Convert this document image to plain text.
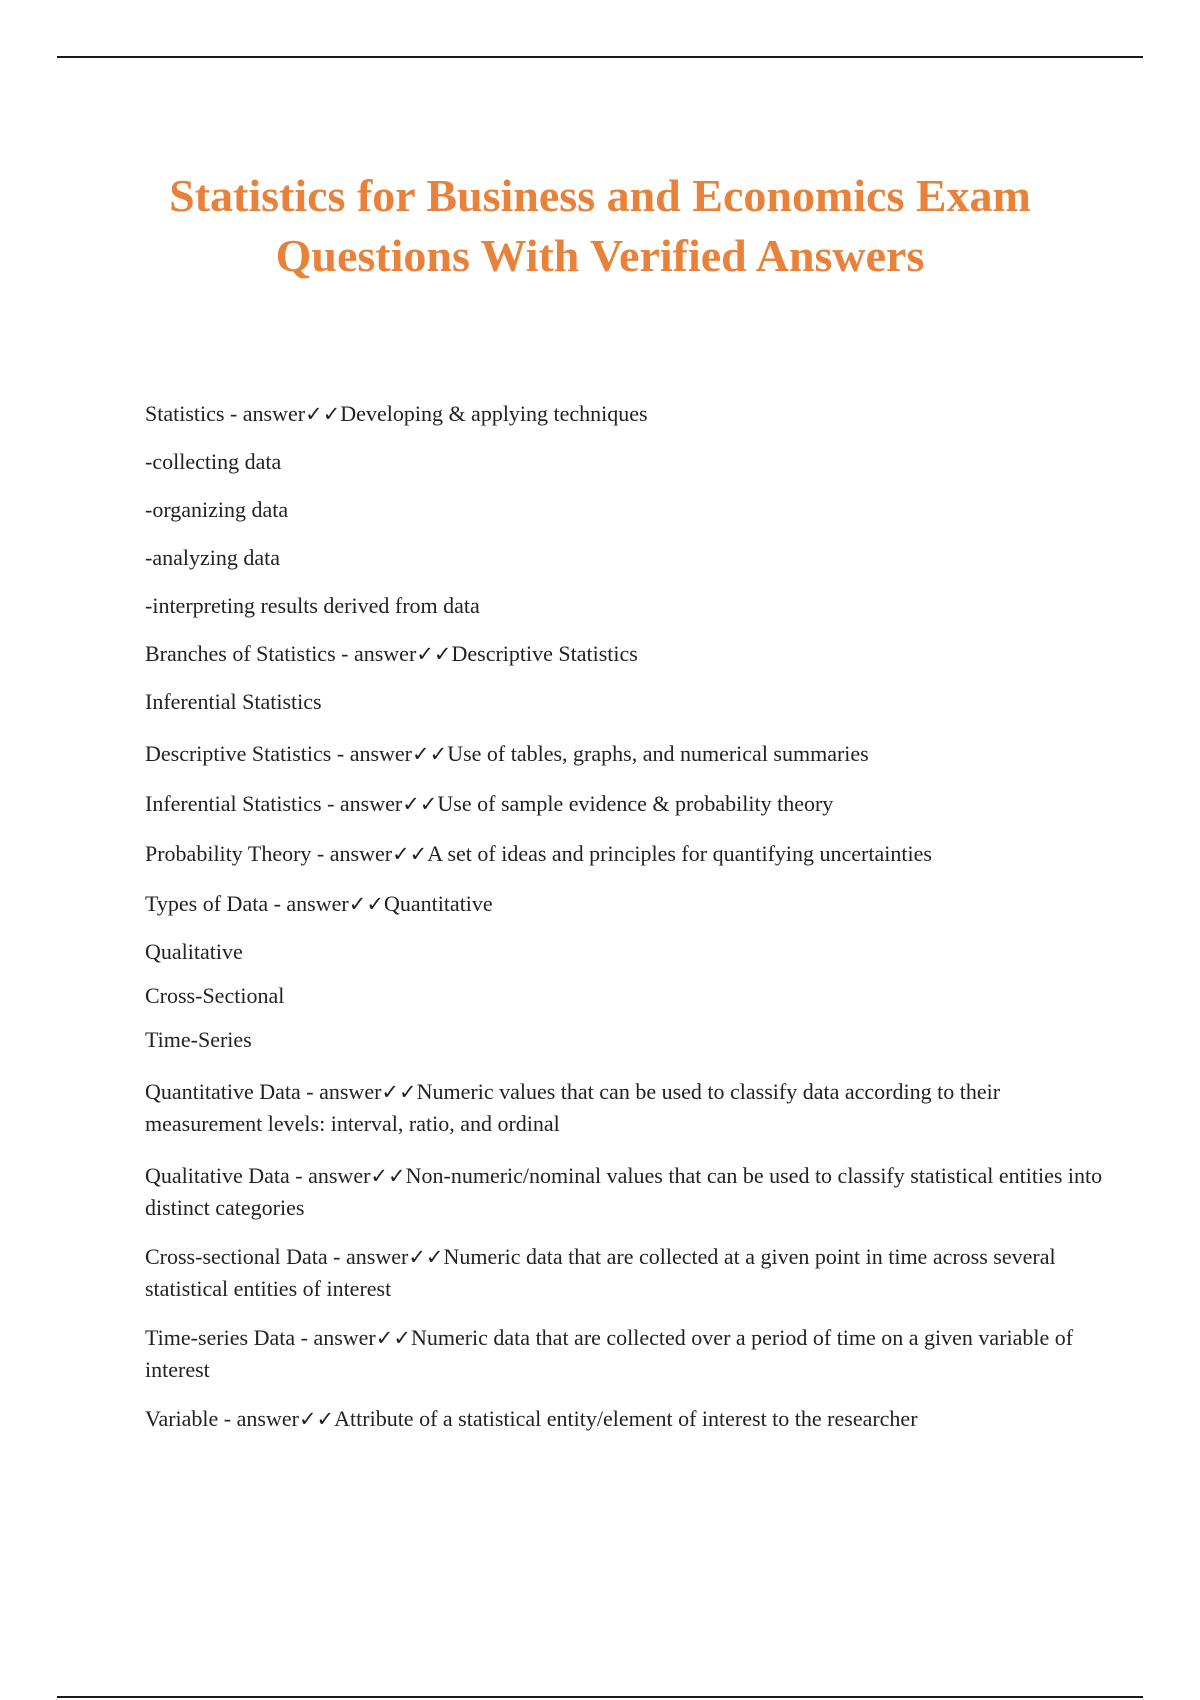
Statistics for Business and Economics Exam
Questions With Verified Answers

Statistics - answer✓✓Developing & applying techniques

-collecting data

-organizing data

-analyzing data

-interpreting results derived from data

Branches of Statistics - answer✓✓Descriptive Statistics

Inferential Statistics

Descriptive Statistics - answer✓✓Use of tables, graphs, and numerical summaries

Inferential Statistics - answer✓✓Use of sample evidence & probability theory

Probability Theory - answer✓✓A set of ideas and principles for quantifying uncertainties

Types of Data - answer✓✓Quantitative

Qualitative

Cross-Sectional

Time-Series

Quantitative Data - answer✓✓Numeric values that can be used to classify data according to their measurement levels: interval, ratio, and ordinal

Qualitative Data - answer✓✓Non-numeric/nominal values that can be used to classify statistical entities into distinct categories

Cross-sectional Data - answer✓✓Numeric data that are collected at a given point in time across several statistical entities of interest

Time-series Data - answer✓✓Numeric data that are collected over a period of time on a given variable of interest

Variable - answer✓✓Attribute of a statistical entity/element of interest to the researcher
